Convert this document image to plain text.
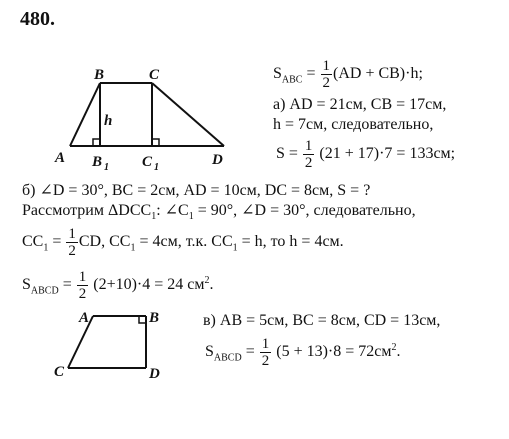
480.
B	C
A	D
h
B 1 C 1
A	B
C	D
$S_{ABC} = \frac{1}{2} (AD + CB)\cdot h$;
а) AD = 21см, CB = 17см,
h = 7см, следовательно,
$S = \frac{1}{2} (21 + 17)\cdot 7 = 133см$;
б) ∠D = 30°, BC = 2см, AD = 10см, DC = 8см, S = ?
Рассмотрим $\Delta DCC_1$: $\angle C_1 = 90^\circ$, ∠D = 30°, следовательно,
$CC_1 = \frac{1}{2}$ CD, $CC_1 = 4см$, т.к. $CC_1 = h$, то h = 4см.
$S_{ABCD} = \frac{1}{2} (2+10)\cdot 4 = 24$ $см^2$.
в) AB = 5см, BC = 8см, CD = 13см,
$S_{ABCD} = \frac{1}{2} (5 + 13)\cdot 8 = 72см^2$.
